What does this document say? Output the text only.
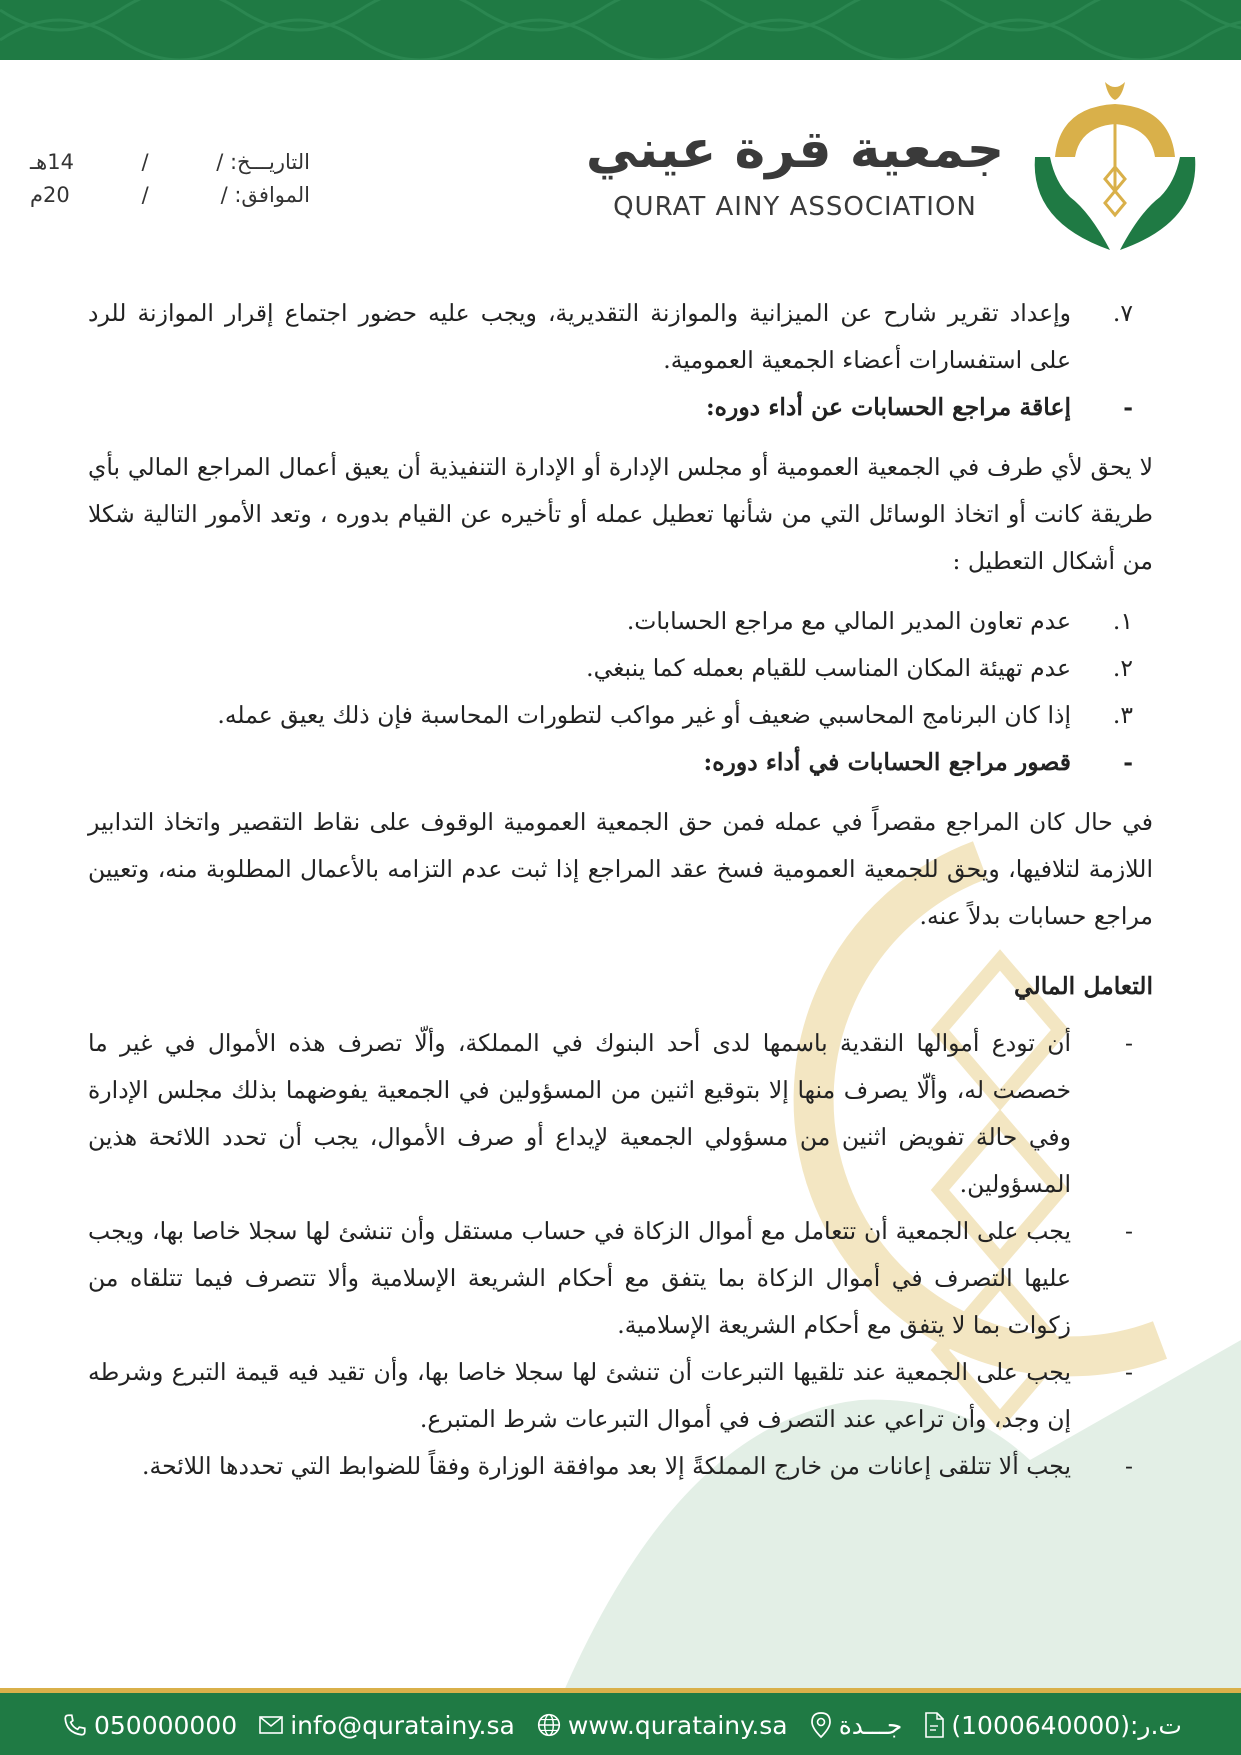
جمعية قرة عيني
QURAT AINY ASSOCIATION
التاريـــخ: /
/
14هـ
الموافق: /
/
20م
٧.
وإعداد تقرير شارح عن الميزانية والموازنة التقديرية، ويجب عليه حضور اجتماع إقرار الموازنة للرد على استفسارات أعضاء الجمعية العمومية.
-
إعاقة مراجع الحسابات عن أداء دوره:

لا يحق لأي طرف في الجمعية العمومية أو مجلس الإدارة أو الإدارة التنفيذية أن يعيق أعمال المراجع المالي بأي طريقة كانت أو اتخاذ الوسائل التي من شأنها تعطيل عمله أو تأخيره عن القيام بدوره ، وتعد الأمور التالية شكلا من أشكال التعطيل :

١.
عدم تعاون المدير المالي مع مراجع الحسابات.
٢.
عدم تهيئة المكان المناسب للقيام بعمله كما ينبغي.
٣.
إذا كان البرنامج المحاسبي ضعيف أو غير مواكب لتطورات المحاسبة فإن ذلك يعيق عمله.
-
قصور مراجع الحسابات في أداء دوره:

في حال كان المراجع مقصراً في عمله فمن حق الجمعية العمومية الوقوف على نقاط التقصير واتخاذ التدابير اللازمة لتلافيها، ويحق للجمعية العمومية فسخ عقد المراجع إذا ثبت عدم التزامه بالأعمال المطلوبة منه، وتعيين مراجع حسابات بدلاً عنه.

التعامل المالي
-
أن تودع أموالها النقدية باسمها لدى أحد البنوك في المملكة، وألّا تصرف هذه الأموال في غير ما خصصت له، وألّا يصرف منها إلا بتوقيع اثنين من المسؤولين في الجمعية يفوضهما بذلك مجلس الإدارة وفي حالة تفويض اثنين من مسؤولي الجمعية لإيداع أو صرف الأموال، يجب أن تحدد اللائحة هذين المسؤولين.
-
يجب على الجمعية أن تتعامل مع أموال الزكاة في حساب مستقل وأن تنشئ لها سجلا خاصا بها، ويجب عليها التصرف في أموال الزكاة بما يتفق مع أحكام الشريعة الإسلامية وألا تتصرف فيما تتلقاه من زكوات بما لا يتفق مع أحكام الشريعة الإسلامية.
-
يجب على الجمعية عند تلقيها التبرعات أن تنشئ لها سجلا خاصا بها، وأن تقيد فيه قيمة التبرع وشرطه إن وجد، وأن تراعي عند التصرف في أموال التبرعات شرط المتبرع.
-
يجب ألا تتلقى إعانات من خارج المملكةً إلا بعد موافقة الوزارة وفقاً للضوابط التي تحددها اللائحة.
050000000 info@quratainy.sa www.quratainy.sa جـــدة (1000640000):ت.ر
